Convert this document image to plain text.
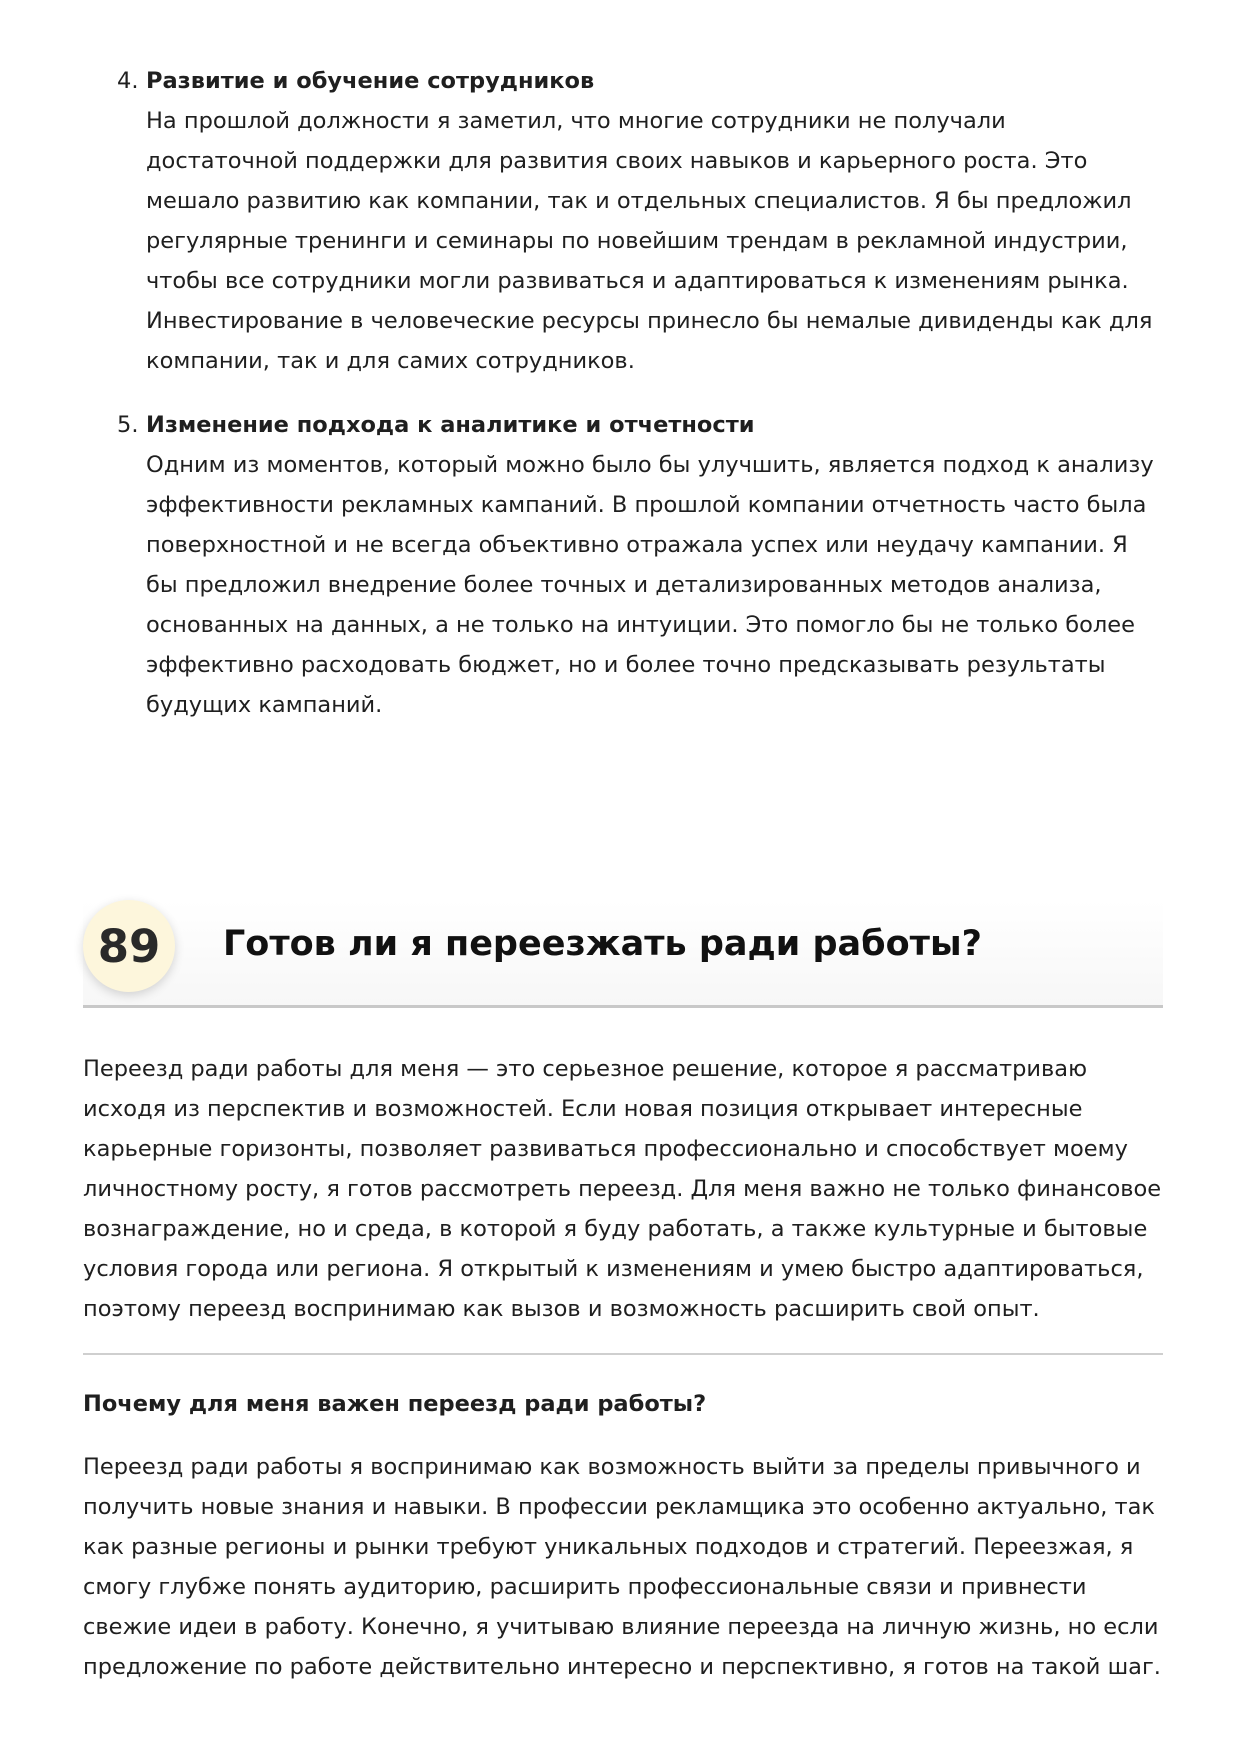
4. Развитие и обучение сотрудников
На прошлой должности я заметил, что многие сотрудники не получали достаточной поддержки для развития своих навыков и карьерного роста. Это мешало развитию как компании, так и отдельных специалистов. Я бы предложил регулярные тренинги и семинары по новейшим трендам в рекламной индустрии, чтобы все сотрудники могли развиваться и адаптироваться к изменениям рынка. Инвестирование в человеческие ресурсы принесло бы немалые дивиденды как для компании, так и для самих сотрудников.
5. Изменение подхода к аналитике и отчетности
Одним из моментов, который можно было бы улучшить, является подход к анализу эффективности рекламных кампаний. В прошлой компании отчетность часто была поверхностной и не всегда объективно отражала успех или неудачу кампании. Я бы предложил внедрение более точных и детализированных методов анализа, основанных на данных, а не только на интуиции. Это помогло бы не только более эффективно расходовать бюджет, но и более точно предсказывать результаты будущих кампаний.
89	Готов ли я переезжать ради работы?

Переезд ради работы для меня — это серьезное решение, которое я рассматриваю исходя из перспектив и возможностей. Если новая позиция открывает интересные карьерные горизонты, позволяет развиваться профессионально и способствует моему личностному росту, я готов рассмотреть переезд. Для меня важно не только финансовое вознаграждение, но и среда, в которой я буду работать, а также культурные и бытовые условия города или региона. Я открытый к изменениям и умею быстро адаптироваться, поэтому переезд воспринимаю как вызов и возможность расширить свой опыт.

Почему для меня важен переезд ради работы?

Переезд ради работы я воспринимаю как возможность выйти за пределы привычного и получить новые знания и навыки. В профессии рекламщика это особенно актуально, так как разные регионы и рынки требуют уникальных подходов и стратегий. Переезжая, я смогу глубже понять аудиторию, расширить профессиональные связи и привнести свежие идеи в работу. Конечно, я учитываю влияние переезда на личную жизнь, но если предложение по работе действительно интересно и перспективно, я готов на такой шаг.
